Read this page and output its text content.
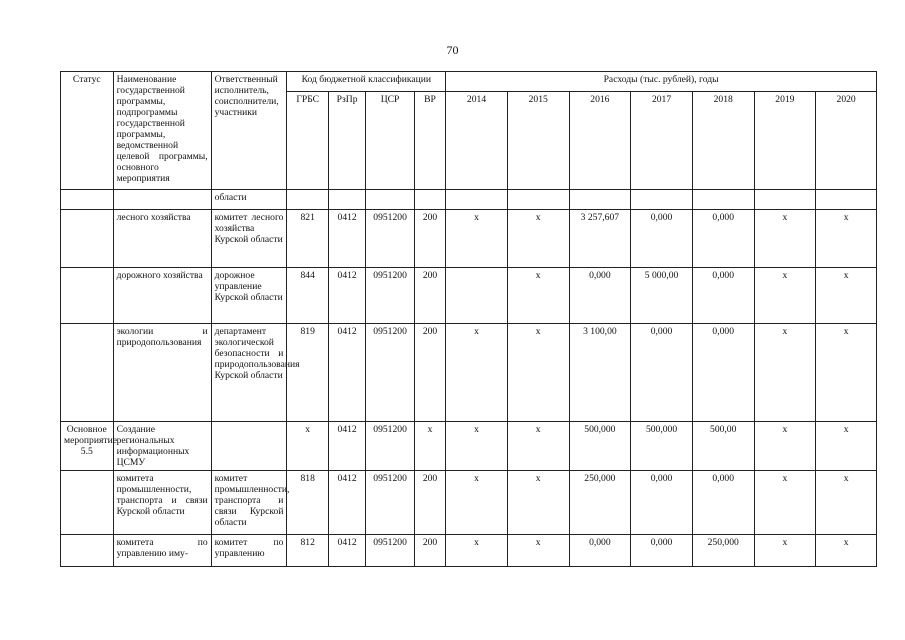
70
Статус	Наименование государственной программы, подпрограммы государственной программы, ведомственной целевой программы, основного мероприятия	Ответственный исполнитель, соисполнители, участники	Код бюджетной классификации				Расходы (тыс. рублей), годы						
			ГРБС	РзПр	ЦСР	ВР	2014	2015	2016	2017	2018	2019	2020
		области											
	лесного хозяйства	комитет лесного хозяйства Курской области	821	0412	0951200	200	х	х	3 257,607	0,000	0,000	х	х
	дорожного хозяйства	дорожное управление Курской области	844	0412	0951200	200		х	0,000	5 000,00	0,000	х	х
	экологии и природопользования	департамент экологической безопасности и природопользования Курской области	819	0412	0951200	200	х	х	3 100,00	0,000	0,000	х	х
Основное мероприятие 5.5	Создание региональных информационных ЦСМУ		х	0412	0951200	х	х	х	500,000	500,000	500,00	х	х
	комитета промышленности, транспорта и связи Курской области	комитет промышленности, транспорта и связи Курской области	818	0412	0951200	200	х	х	250,000	0,000	0,000	х	х
	комитета по управлению иму-	комитет по управлению	812	0412	0951200	200	х	х	0,000	0,000	250,000	х	х
